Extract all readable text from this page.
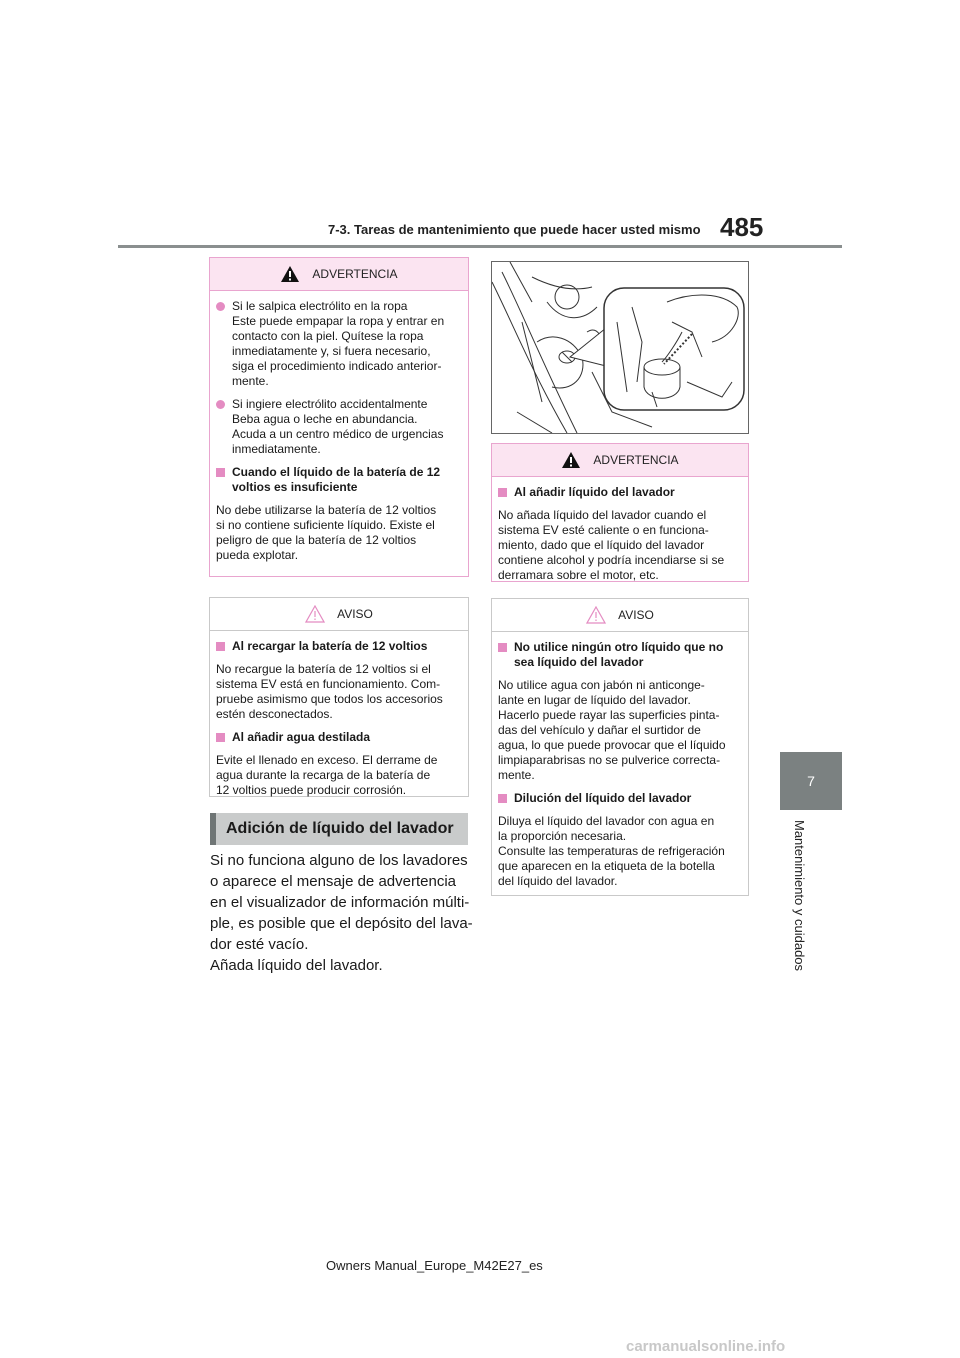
7-3. Tareas de mantenimiento que puede hacer usted mismo 485
7
Mantenimiento y cuidados
ADVERTENCIA
Si le salpica electrólito en la ropa
Este puede empapar la ropa y entrar en
contacto con la piel. Quítese la ropa
inmediatamente y, si fuera necesario,
siga el procedimiento indicado anterior-
mente.
Si ingiere electrólito accidentalmente
Beba agua o leche en abundancia.
Acuda a un centro médico de urgencias
inmediatamente.
Cuando el líquido de la batería de 12
voltios es insuficiente
No debe utilizarse la batería de 12 voltios
si no contiene suficiente líquido. Existe el
peligro de que la batería de 12 voltios
pueda explotar.
AVISO
Al recargar la batería de 12 voltios
No recargue la batería de 12 voltios si el
sistema EV está en funcionamiento. Com-
pruebe asimismo que todos los accesorios
estén desconectados.
Al añadir agua destilada
Evite el llenado en exceso. El derrame de
agua durante la recarga de la batería de
12 voltios puede producir corrosión.
Adición de líquido del lavador
Si no funciona alguno de los lavadores
o aparece el mensaje de advertencia
en el visualizador de información múlti-
ple, es posible que el depósito del lava-
dor esté vacío.
Añada líquido del lavador.
ADVERTENCIA
Al añadir líquido del lavador
No añada líquido del lavador cuando el
sistema EV esté caliente o en funciona-
miento, dado que el líquido del lavador
contiene alcohol y podría incendiarse si se
derramara sobre el motor, etc.
AVISO
No utilice ningún otro líquido que no
sea líquido del lavador
No utilice agua con jabón ni anticonge-
lante en lugar de líquido del lavador.
Hacerlo puede rayar las superficies pinta-
das del vehículo y dañar el surtidor de
agua, lo que puede provocar que el líquido
limpiaparabrisas no se pulverice correcta-
mente.
Dilución del líquido del lavador
Diluya el líquido del lavador con agua en
la proporción necesaria.
Consulte las temperaturas de refrigeración
que aparecen en la etiqueta de la botella
del líquido del lavador.
Owners Manual_Europe_M42E27_es
carmanualsonline.info
